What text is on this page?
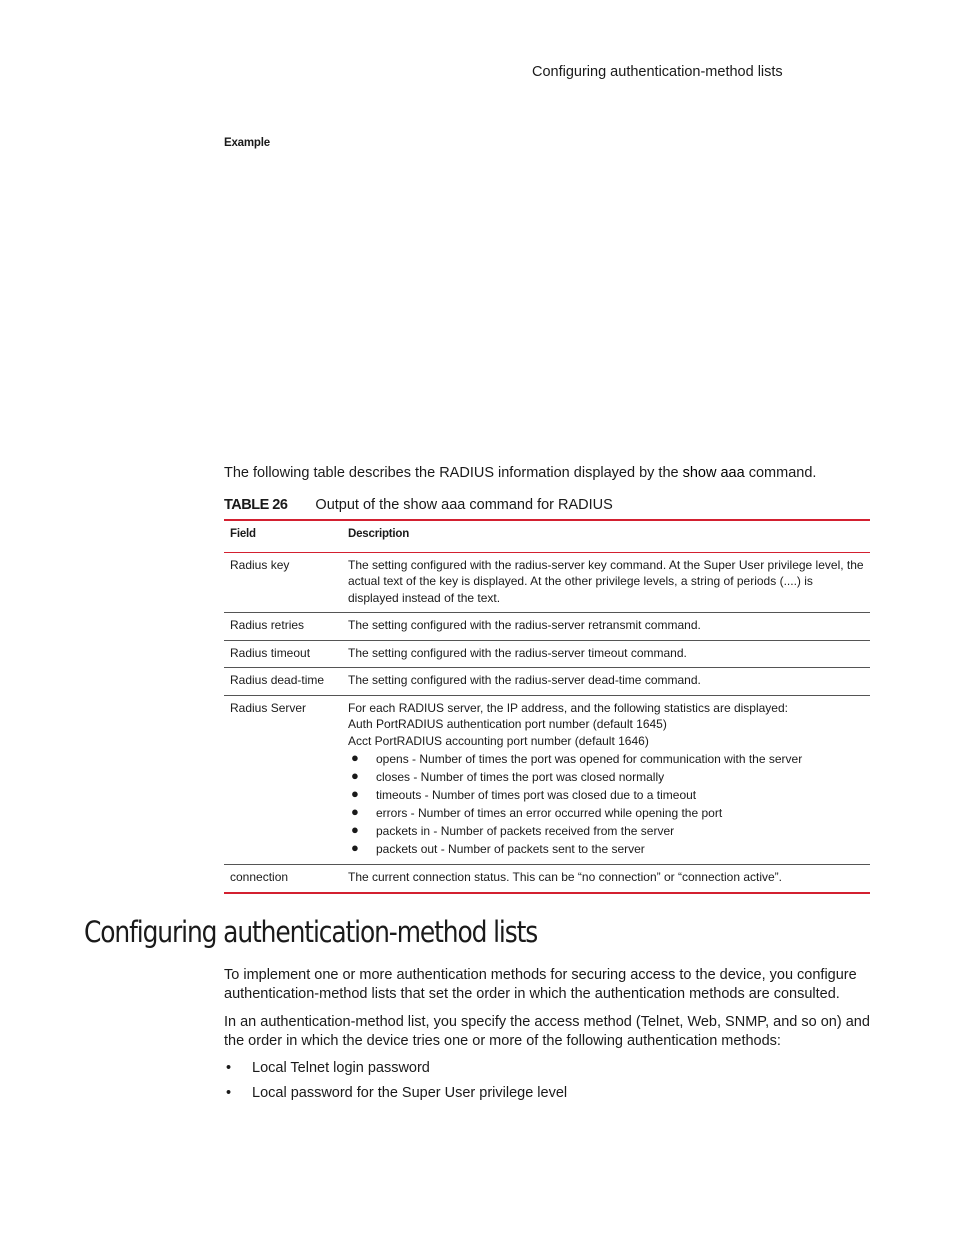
Configuring authentication-method lists
Example
The following table describes the RADIUS information displayed by the show aaa command.
TABLE 26 Output of the show aaa command for RADIUS
Field	Description
Radius key	The setting configured with the radius-server key command. At the Super User privilege level, the actual text of the key is displayed. At the other privilege levels, a string of periods (....) is displayed instead of the text.
Radius retries	The setting configured with the radius-server retransmit command.
Radius timeout	The setting configured with the radius-server timeout command.
Radius dead-time	The setting configured with the radius-server dead-time command.
Radius Server	For each RADIUS server, the IP address, and the following statistics are displayed:
Auth PortRADIUS authentication port number (default 1645)
Acct PortRADIUS accounting port number (default 1646)
● opens - Number of times the port was opened for communication with the server
● closes - Number of times the port was closed normally
● timeouts - Number of times port was closed due to a timeout
● errors - Number of times an error occurred while opening the port
● packets in - Number of packets received from the server
● packets out - Number of packets sent to the server
connection	The current connection status. This can be “no connection” or “connection active”.
Configuring authentication-method lists
To implement one or more authentication methods for securing access to the device, you configure authentication-method lists that set the order in which the authentication methods are consulted.
In an authentication-method list, you specify the access method (Telnet, Web, SNMP, and so on) and the order in which the device tries one or more of the following authentication methods:
• Local Telnet login password
• Local password for the Super User privilege level
